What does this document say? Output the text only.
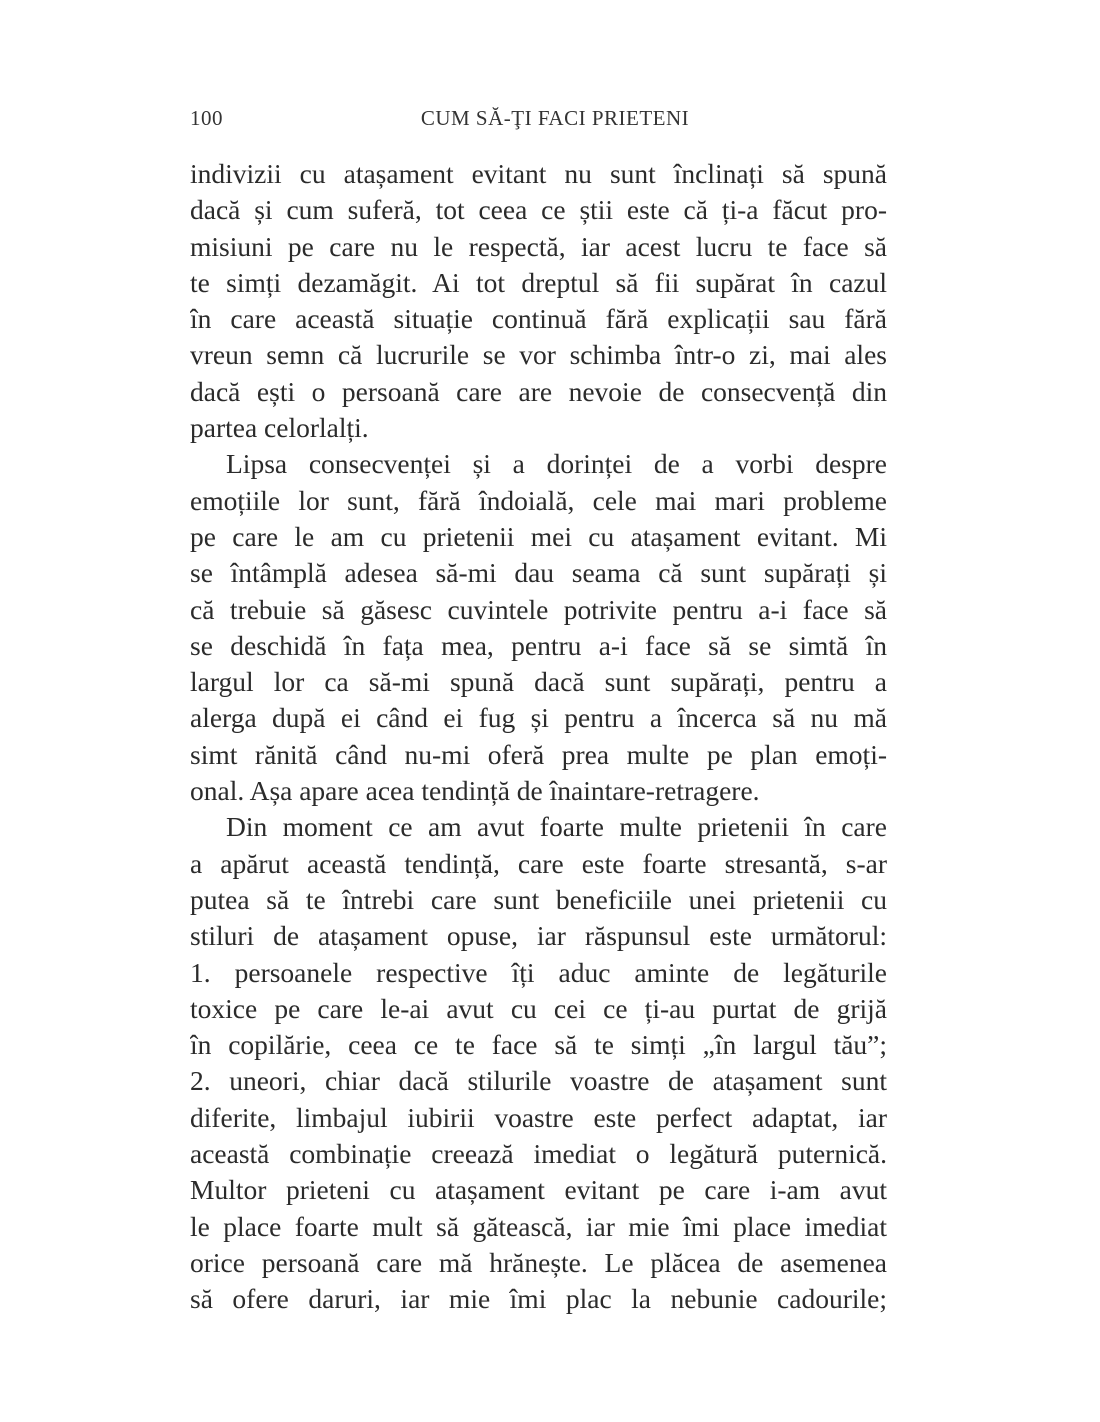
100	CUM SĂ-ŢI FACI PRIETENI
indivizii cu atașament evitant nu sunt înclinați să spună
dacă și cum suferă, tot ceea ce știi este că ți-a făcut pro-
misiuni pe care nu le respectă, iar acest lucru te face să
te simți dezamăgit. Ai tot dreptul să fii supărat în cazul
în care această situație continuă fără explicații sau fără
vreun semn că lucrurile se vor schimba într-o zi, mai ales
dacă ești o persoană care are nevoie de consecvență din
partea celorlalți.
Lipsa consecvenței și a dorinței de a vorbi despre
emoțiile lor sunt, fără îndoială, cele mai mari probleme
pe care le am cu prietenii mei cu atașament evitant. Mi
se întâmplă adesea să-mi dau seama că sunt supărați și
că trebuie să găsesc cuvintele potrivite pentru a-i face să
se deschidă în fața mea, pentru a-i face să se simtă în
largul lor ca să-mi spună dacă sunt supărați, pentru a
alerga după ei când ei fug și pentru a încerca să nu mă
simt rănită când nu-mi oferă prea multe pe plan emoți-
onal. Așa apare acea tendință de înaintare-retragere.
Din moment ce am avut foarte multe prietenii în care
a apărut această tendință, care este foarte stresantă, s-ar
putea să te întrebi care sunt beneficiile unei prietenii cu
stiluri de atașament opuse, iar răspunsul este următorul:
1. persoanele respective îți aduc aminte de legăturile
toxice pe care le-ai avut cu cei ce ți-au purtat de grijă
în copilărie, ceea ce te face să te simți „în largul tău”;
2. uneori, chiar dacă stilurile voastre de atașament sunt
diferite, limbajul iubirii voastre este perfect adaptat, iar
această combinație creează imediat o legătură puternică.
Multor prieteni cu atașament evitant pe care i-am avut
le place foarte mult să gătească, iar mie îmi place imediat
orice persoană care mă hrănește. Le plăcea de asemenea
să ofere daruri, iar mie îmi plac la nebunie cadourile;
